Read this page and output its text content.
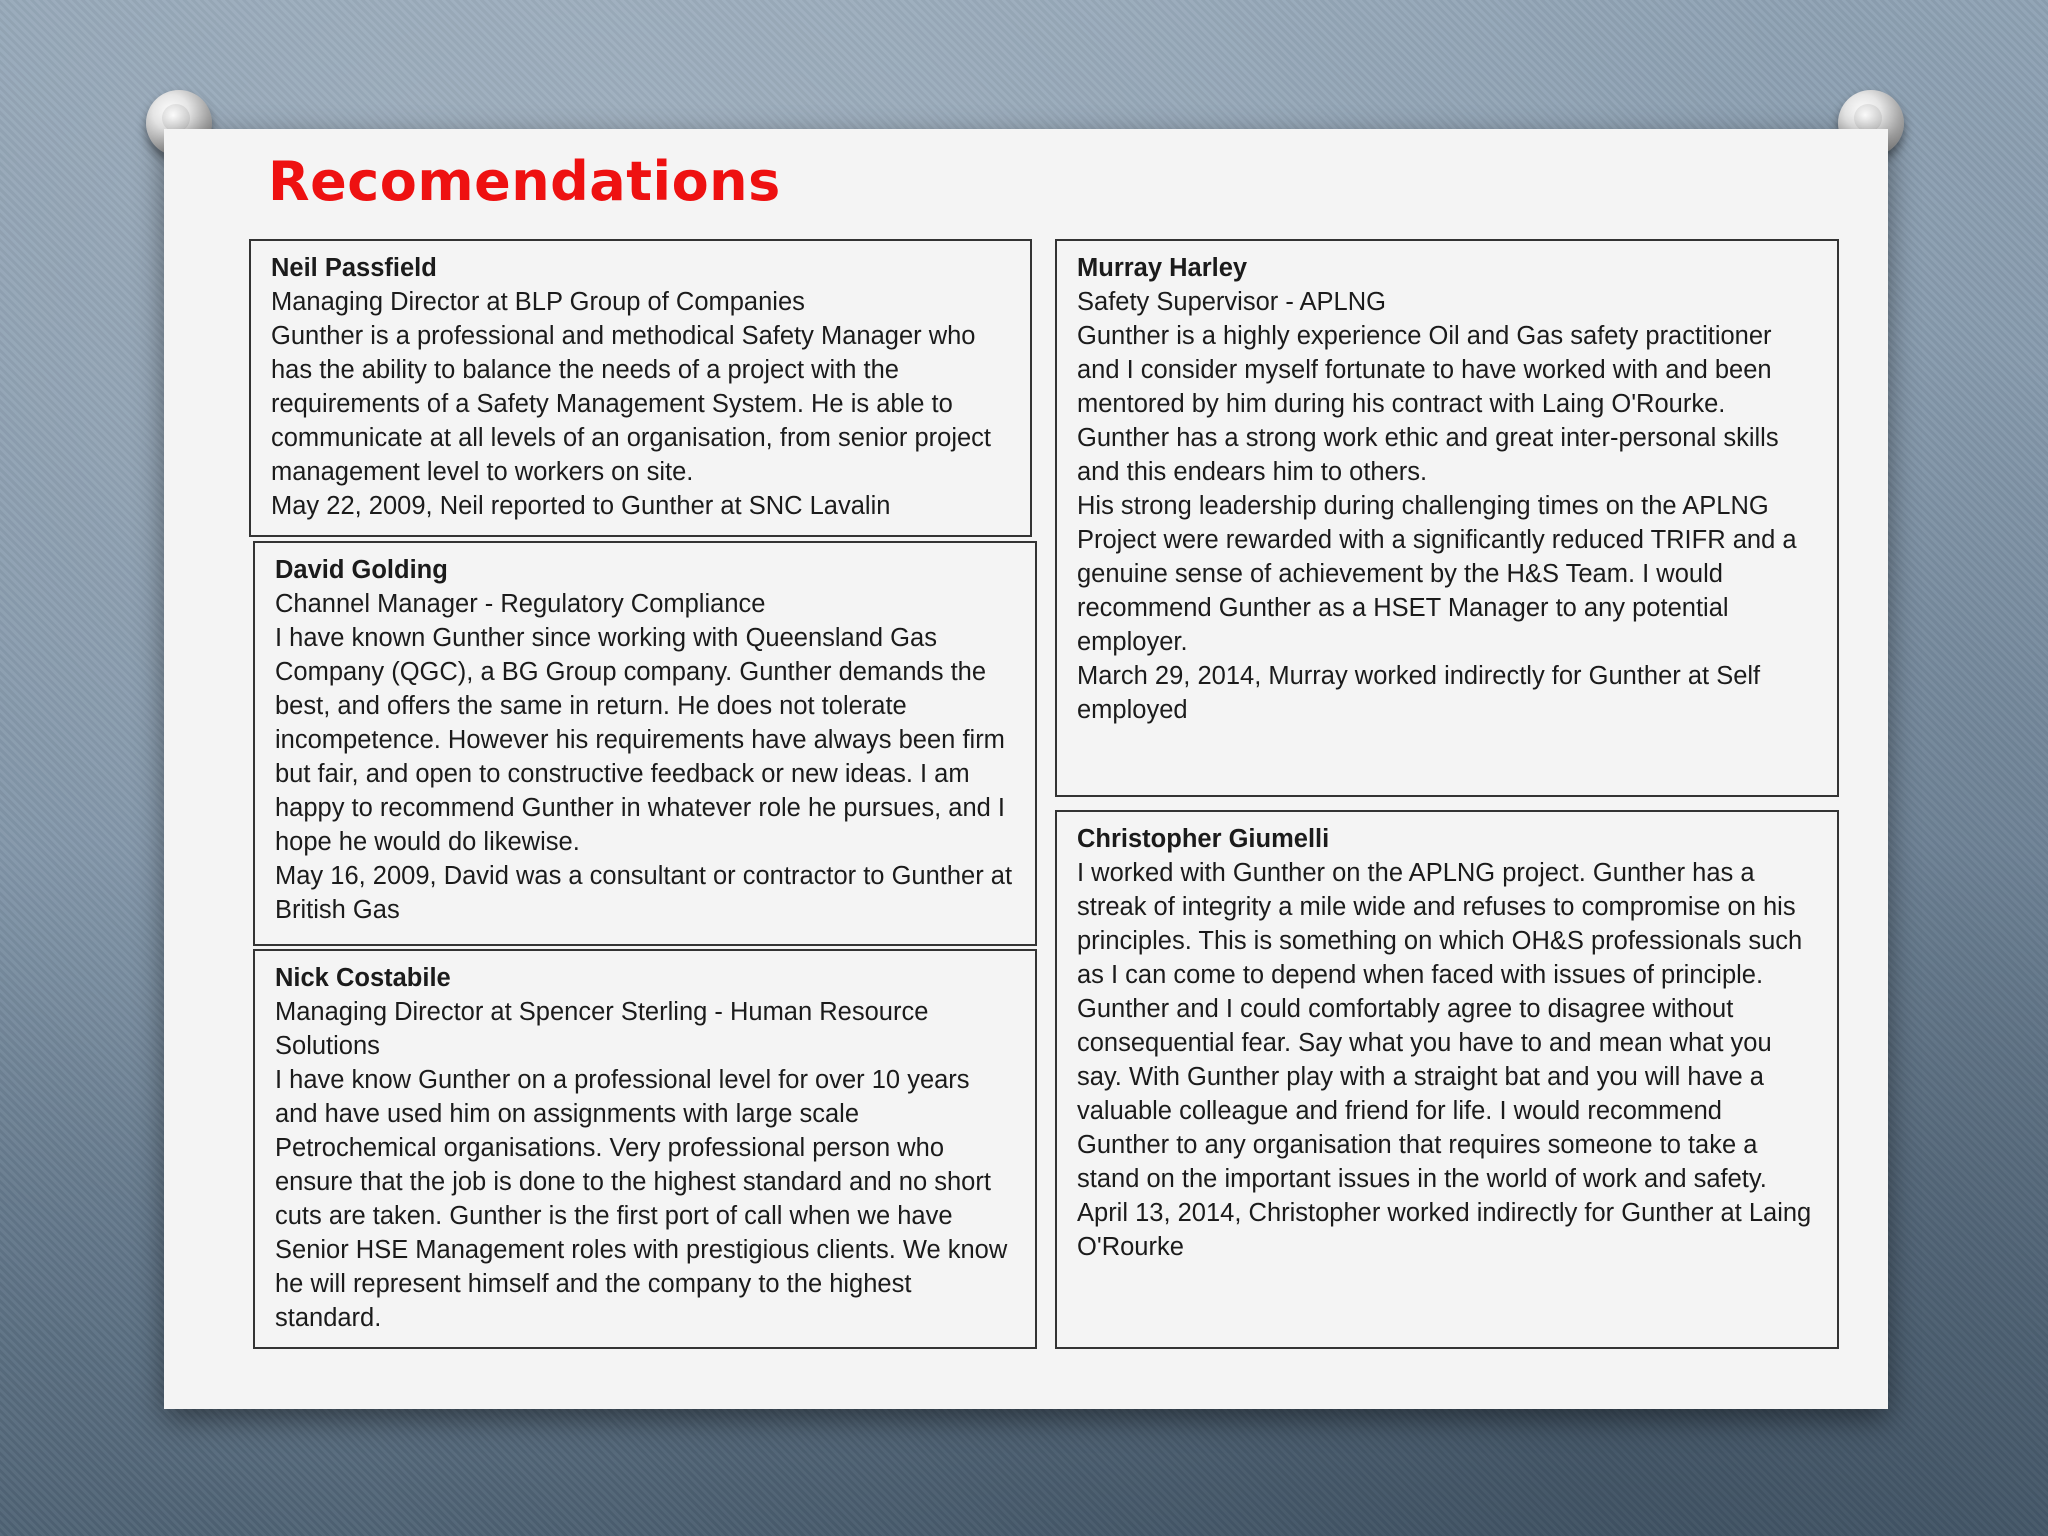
Recomendations
Neil Passfield
Managing Director at BLP Group of Companies
Gunther is a professional and methodical Safety Manager who has the ability to balance the needs of a project with the requirements of a Safety Management System. He is able to communicate at all levels of an organisation, from senior project management level to workers on site.
May 22, 2009, Neil reported to Gunther at SNC Lavalin
David Golding
Channel Manager - Regulatory Compliance
I have known Gunther since working with Queensland Gas Company (QGC), a BG Group company. Gunther demands the best, and offers the same in return. He does not tolerate incompetence. However his requirements have always been firm but fair, and open to constructive feedback or new ideas. I am happy to recommend Gunther in whatever role he pursues, and I hope he would do likewise.
May 16, 2009, David was a consultant or contractor to Gunther at British Gas
Nick Costabile
Managing Director at Spencer Sterling - Human Resource Solutions
I have know Gunther on a professional level for over 10 years and have used him on assignments with large scale Petrochemical organisations. Very professional person who ensure that the job is done to the highest standard and no short cuts are taken. Gunther is the first port of call when we have Senior HSE Management roles with prestigious clients. We know he will represent himself and the company to the highest standard.
Murray Harley
Safety Supervisor - APLNG
Gunther is a highly experience Oil and Gas safety practitioner and I consider myself fortunate to have worked with and been mentored by him during his contract with Laing O'Rourke. Gunther has a strong work ethic and great inter-personal skills and this endears him to others.
His strong leadership during challenging times on the APLNG Project were rewarded with a significantly reduced TRIFR and a genuine sense of achievement by the H&S Team. I would recommend Gunther as a HSET Manager to any potential employer.
March 29, 2014, Murray worked indirectly for Gunther at Self employed
Christopher Giumelli
I worked with Gunther on the APLNG project. Gunther has a streak of integrity a mile wide and refuses to compromise on his principles. This is something on which OH&S professionals such as I can come to depend when faced with issues of principle.
Gunther and I could comfortably agree to disagree without consequential fear. Say what you have to and mean what you say. With Gunther play with a straight bat and you will have a valuable colleague and friend for life. I would recommend Gunther to any organisation that requires someone to take a stand on the important issues in the world of work and safety.
April 13, 2014, Christopher worked indirectly for Gunther at Laing O'Rourke
